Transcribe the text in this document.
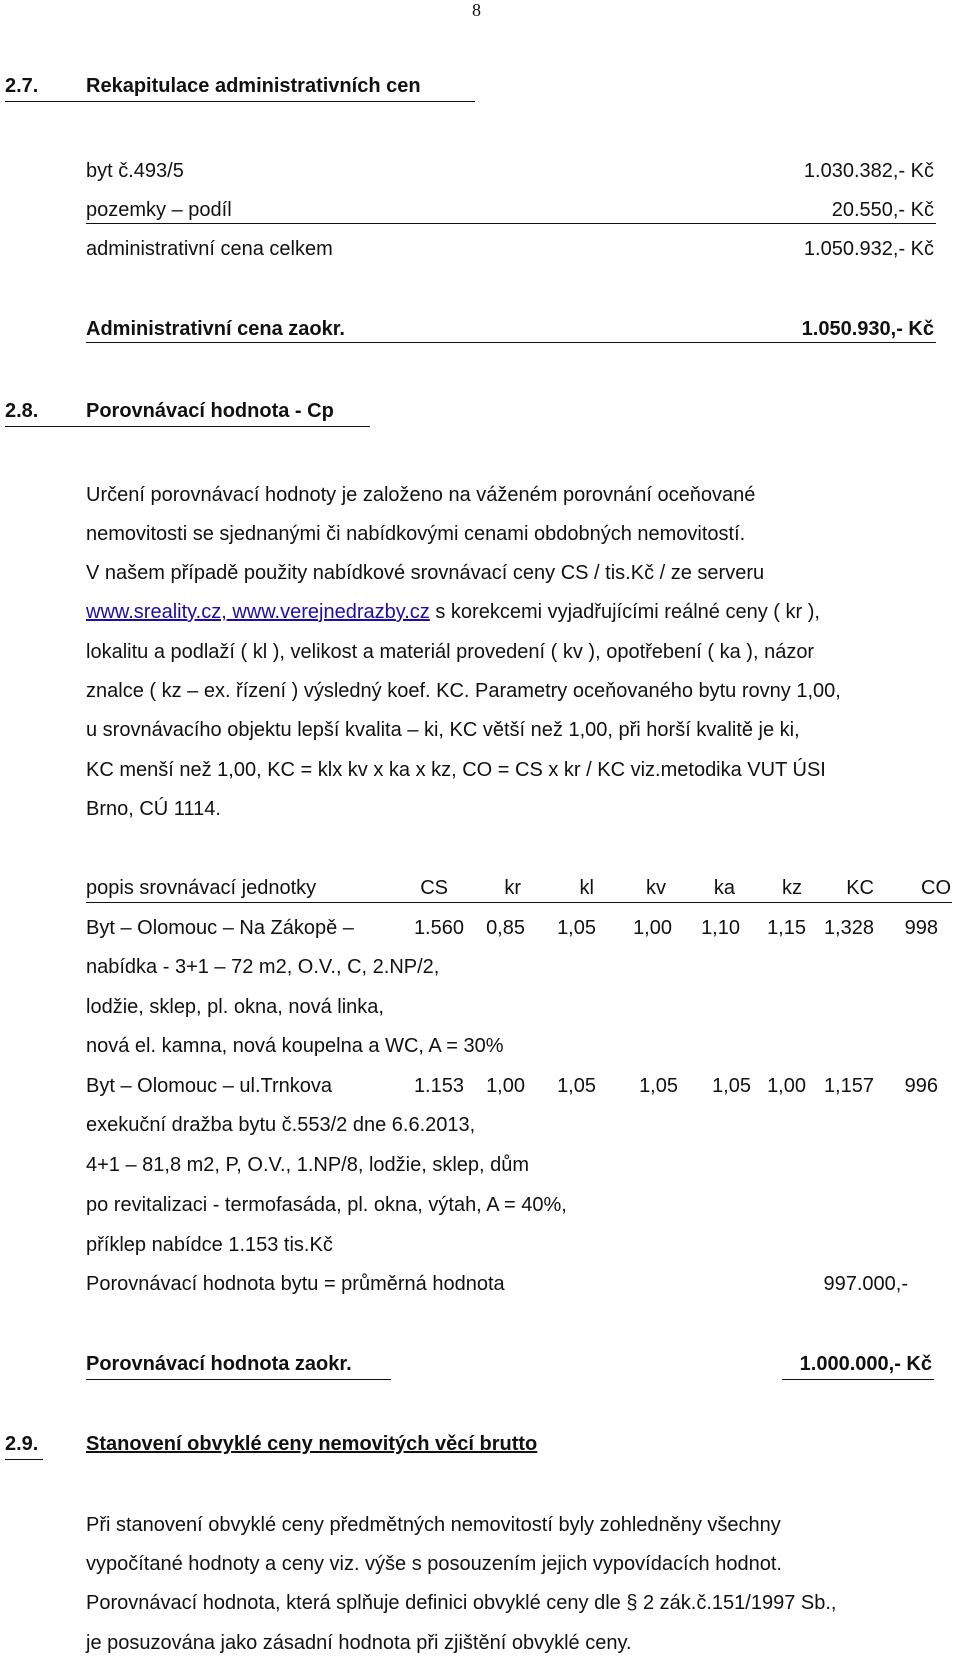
8
2.7. Rekapitulace administrativních cen
byt č.493/5	1.030.382,- Kč
pozemky – podíl	20.550,- Kč
administrativní cena celkem	1.050.932,- Kč
Administrativní cena zaokr.	1.050.930,- Kč
2.8. Porovnávací hodnota - Cp
Určení porovnávací hodnoty je založeno na váženém porovnání oceňované
nemovitosti se sjednanými či nabídkovými cenami obdobných nemovitostí.
V našem případě použity nabídkové srovnávací ceny CS / tis.Kč / ze serveru
www.sreality.cz, www.verejnedrazby.cz s korekcemi vyjadřujícími reálné ceny ( kr ),
lokalitu a podlaží ( kl ), velikost a materiál provedení ( kv ), opotřebení ( ka ), názor
znalce ( kz – ex. řízení ) výsledný koef. KC. Parametry oceňovaného bytu rovny 1,00,
u srovnávacího objektu lepší kvalita – ki, KC větší než 1,00, při horší kvalitě je ki,
KC menší než 1,00, KC = klx kv x ka x kz, CO = CS x kr / KC viz.metodika VUT ÚSI
Brno, CÚ 1114.
popis srovnávací jednotky	CS	kr	kl	kv	ka	kz	KC	CO
Byt – Olomouc – Na Zákopě –	1.560	0,85	1,05	1,00	1,10	1,15 1,328	998
nabídka - 3+1 – 72 m2, O.V., C, 2.NP/2,
lodžie, sklep, pl. okna, nová linka,
nová el. kamna, nová koupelna a WC, A = 30%
Byt – Olomouc – ul.Trnkova	1.153	1,00	1,05	1,05	1,05 1,00 1,157	996
exekuční dražba bytu č.553/2 dne 6.6.2013,
4+1 – 81,8 m2, P, O.V., 1.NP/8, lodžie, sklep, dům
po revitalizaci - termofasáda, pl. okna, výtah, A = 40%,
příklep nabídce 1.153 tis.Kč
Porovnávací hodnota bytu = průměrná hodnota	997.000,-
Porovnávací hodnota zaokr.	1.000.000,- Kč
2.9. Stanovení obvyklé ceny nemovitých věcí brutto
Při stanovení obvyklé ceny předmětných nemovitostí byly zohledněny všechny
vypočítané hodnoty a ceny viz. výše s posouzením jejich vypovídacích hodnot.
Porovnávací hodnota, která splňuje definici obvyklé ceny dle § 2 zák.č.151/1997 Sb.,
je posuzována jako zásadní hodnota při zjištění obvyklé ceny.
